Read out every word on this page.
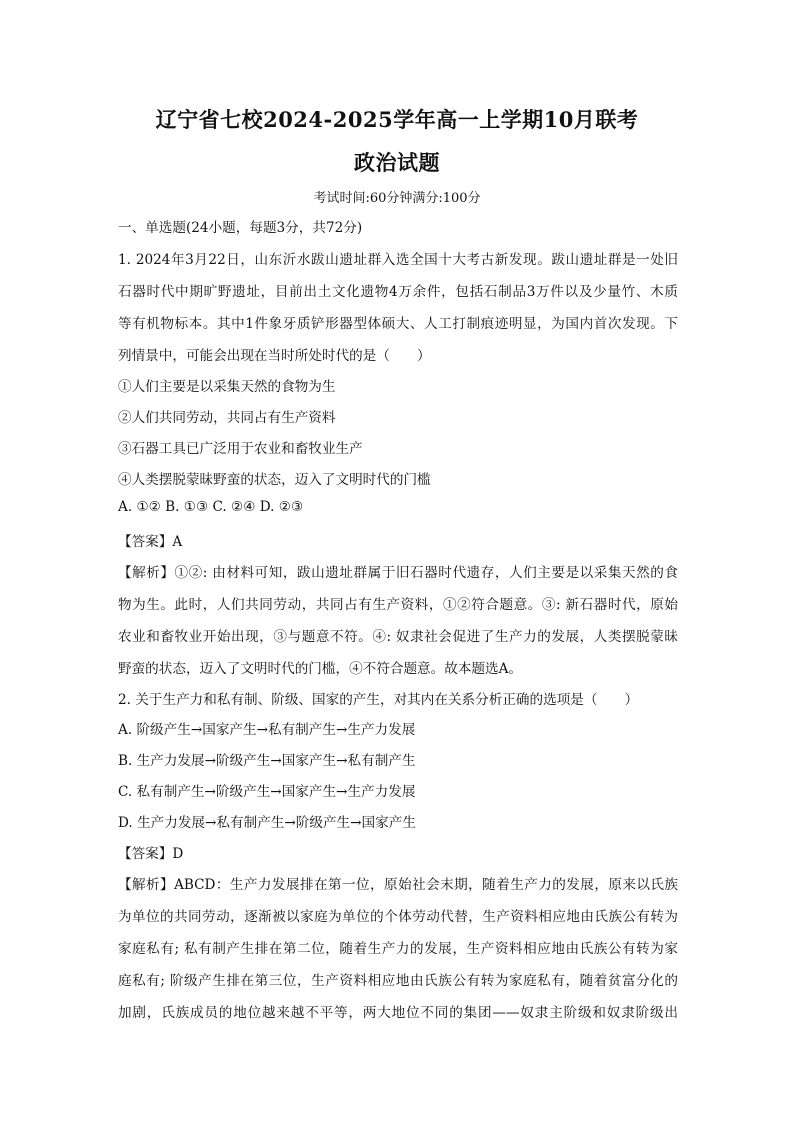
辽宁省七校2024-2025学年高一上学期10月联考
政治试题
考试时间:60分钟满分:100分
一、单选题(24小题，每题3分，共72分)
1. 2024年3月22日，山东沂水跋山遗址群入选全国十大考古新发现。跋山遗址群是一处旧
石器时代中期旷野遗址，目前出土文化遗物4万余件，包括石制品3万件以及少量竹、木质
等有机物标本。其中1件象牙质铲形器型体硕大、人工打制痕迹明显，为国内首次发现。下
列情景中，可能会出现在当时所处时代的是（　　）
①人们主要是以采集天然的食物为生
②人们共同劳动，共同占有生产资料
③石器工具已广泛用于农业和畜牧业生产
④人类摆脱蒙昧野蛮的状态，迈入了文明时代的门槛
A. ①② B. ①③ C. ②④ D. ②③
【答案】A
【解析】①②: 由材料可知，跋山遗址群属于旧石器时代遗存，人们主要是以采集天然的食
物为生。此时，人们共同劳动，共同占有生产资料，①②符合题意。③: 新石器时代，原始
农业和畜牧业开始出现，③与题意不符。④: 奴隶社会促进了生产力的发展，人类摆脱蒙昧
野蛮的状态，迈入了文明时代的门槛，④不符合题意。故本题选A。
2. 关于生产力和私有制、阶级、国家的产生，对其内在关系分析正确的选项是（　　）
A. 阶级产生→国家产生→私有制产生→生产力发展
B. 生产力发展→阶级产生→国家产生→私有制产生
C. 私有制产生→阶级产生→国家产生→生产力发展
D. 生产力发展→私有制产生→阶级产生→国家产生
【答案】D
【解析】ABCD：生产力发展排在第一位，原始社会末期，随着生产力的发展，原来以氏族
为单位的共同劳动，逐渐被以家庭为单位的个体劳动代替，生产资料相应地由氏族公有转为
家庭私有; 私有制产生排在第二位，随着生产力的发展，生产资料相应地由氏族公有转为家
庭私有; 阶级产生排在第三位，生产资料相应地由氏族公有转为家庭私有，随着贫富分化的
加剧，氏族成员的地位越来越不平等，两大地位不同的集团——奴隶主阶级和奴隶阶级出
